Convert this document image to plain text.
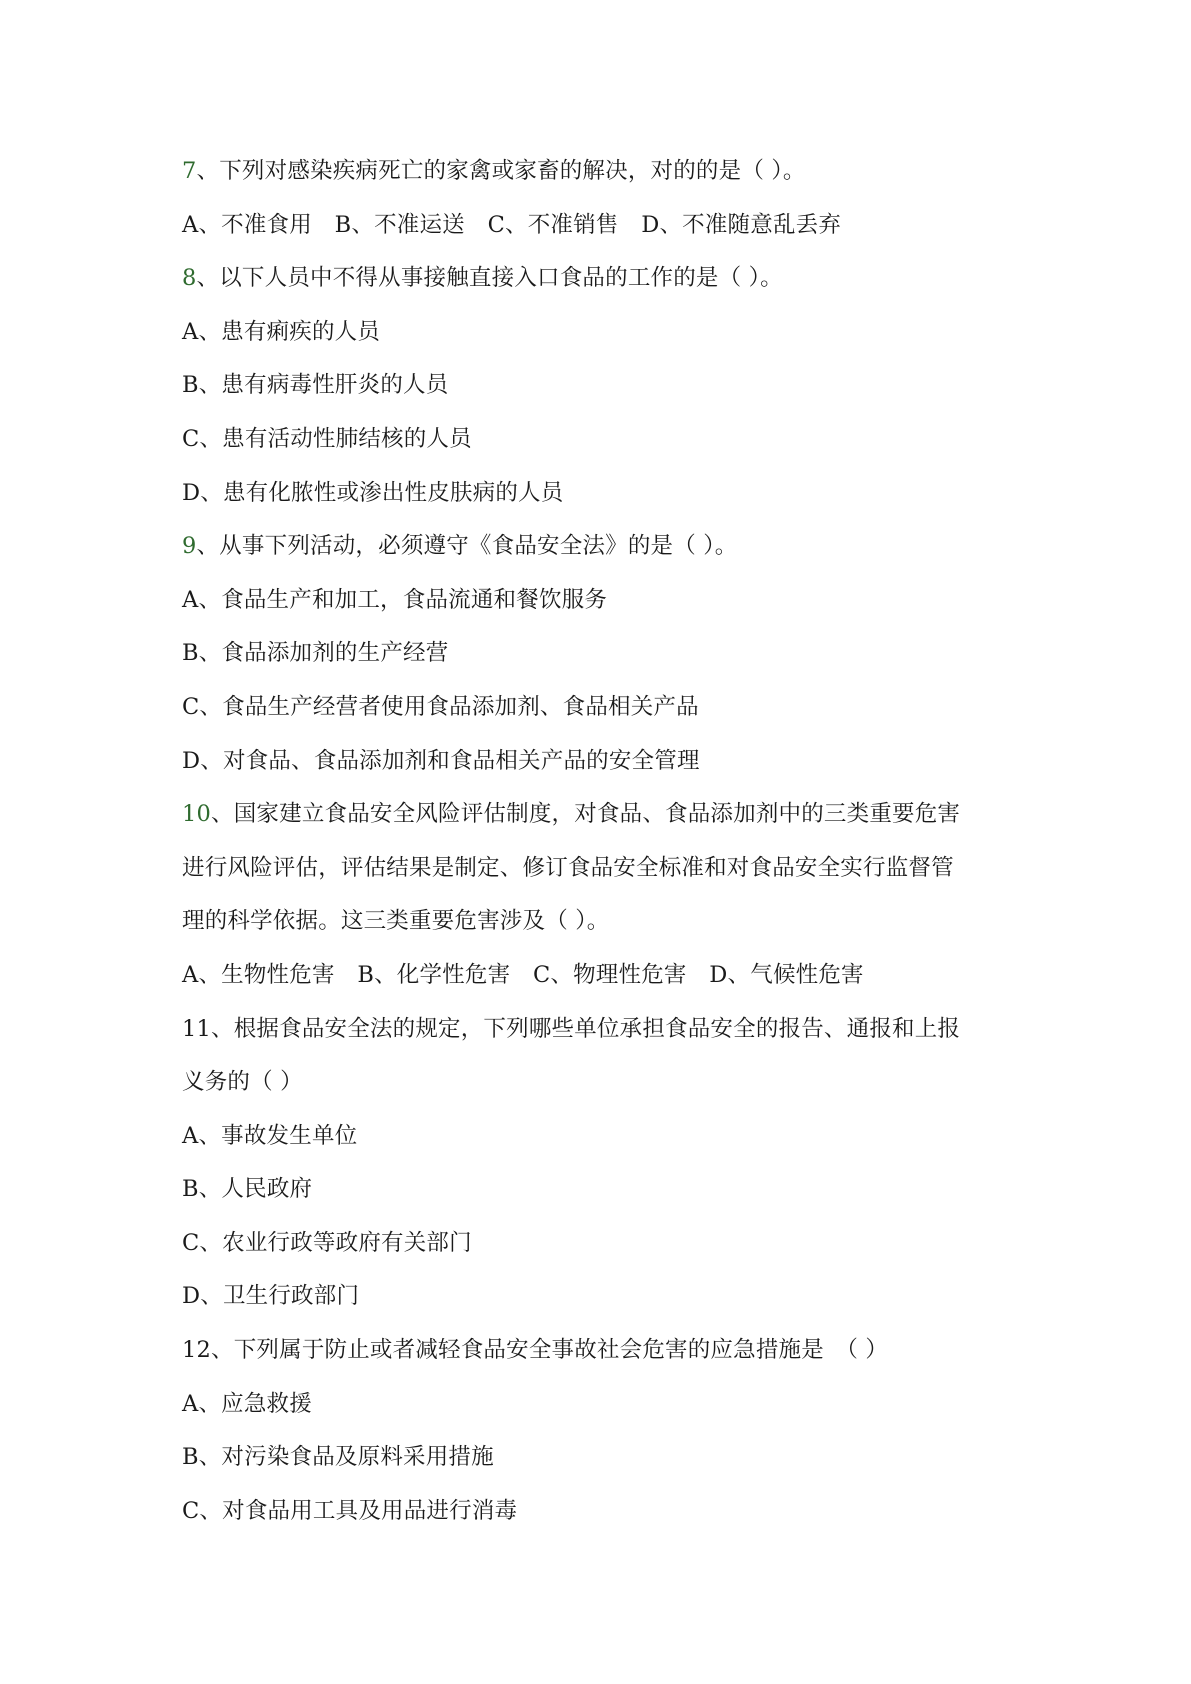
7、下列对感染疾病死亡的家禽或家畜的解决，对的的是（ ）。
A、不准食用　B、不准运送　C、不准销售　D、不准随意乱丢弃
8、以下人员中不得从事接触直接入口食品的工作的是（ ）。
A、患有痢疾的人员
B、患有病毒性肝炎的人员
C、患有活动性肺结核的人员
D、患有化脓性或渗出性皮肤病的人员
9、从事下列活动，必须遵守《食品安全法》的是（ ）。
A、食品生产和加工，食品流通和餐饮服务
B、食品添加剂的生产经营
C、食品生产经营者使用食品添加剂、食品相关产品
D、对食品、食品添加剂和食品相关产品的安全管理
10、国家建立食品安全风险评估制度，对食品、食品添加剂中的三类重要危害
进行风险评估，评估结果是制定、修订食品安全标准和对食品安全实行监督管
理的科学依据。这三类重要危害涉及（ ）。
A、生物性危害　B、化学性危害　C、物理性危害　D、气候性危害
11、根据食品安全法的规定，下列哪些单位承担食品安全的报告、通报和上报
义务的（ ）
A、事故发生单位
B、人民政府
C、农业行政等政府有关部门
D、卫生行政部门
12、下列属于防止或者减轻食品安全事故社会危害的应急措施是　（ ）
A、应急救援
B、对污染食品及原料采用措施
C、对食品用工具及用品进行消毒
